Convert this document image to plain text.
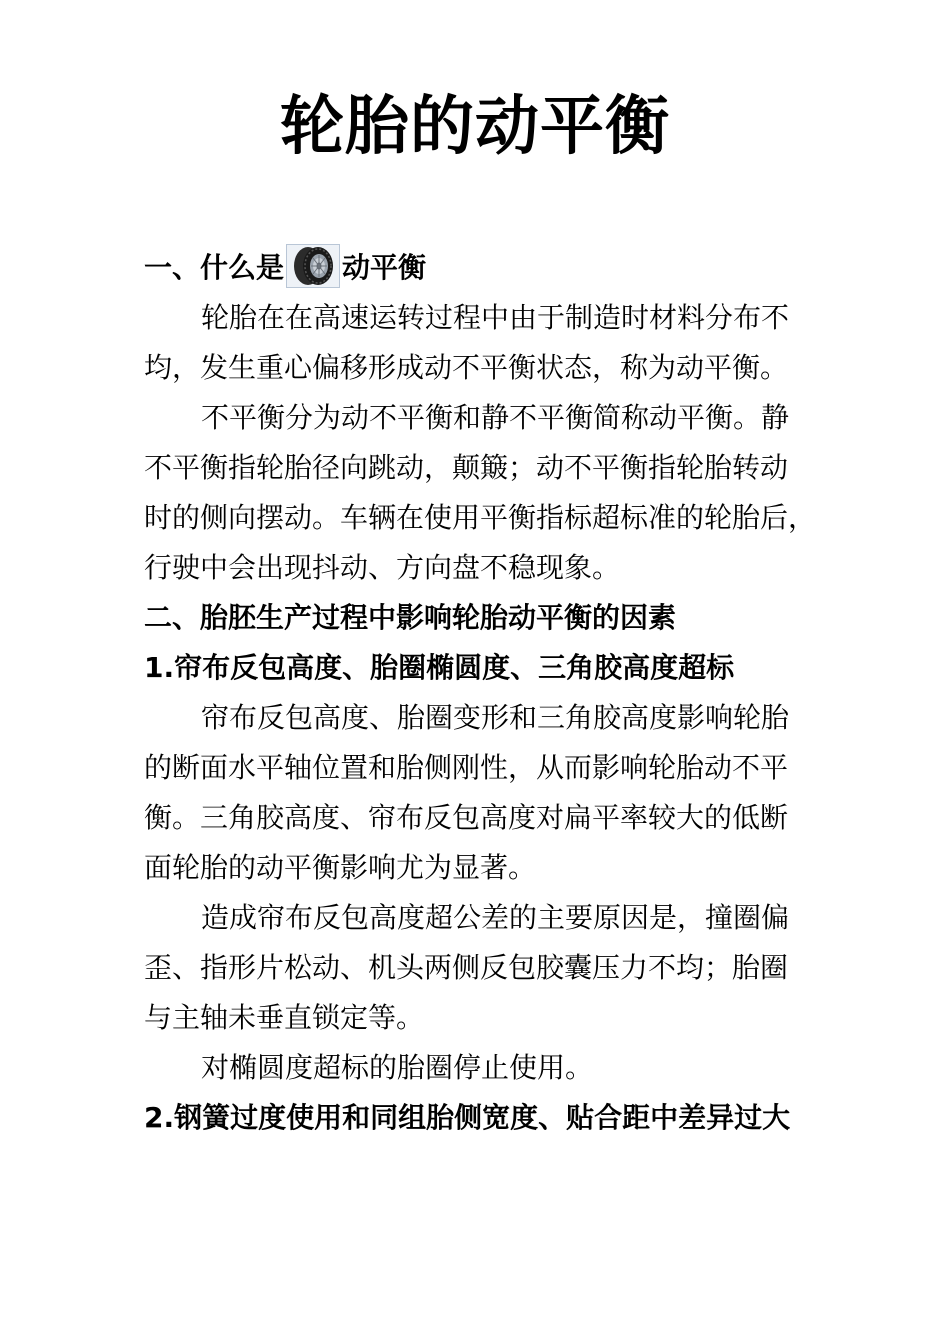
轮胎的动平衡
一、什么是 动平衡
轮胎在在高速运转过程中由于制造时材料分布不
均，发生重心偏移形成动不平衡状态，称为动平衡。
不平衡分为动不平衡和静不平衡简称动平衡。静
不平衡指轮胎径向跳动，颠簸；动不平衡指轮胎转动
时的侧向摆动。车辆在使用平衡指标超标准的轮胎后，
行驶中会出现抖动、方向盘不稳现象。
二、胎胚生产过程中影响轮胎动平衡的因素
1.帘布反包高度、胎圈椭圆度、三角胶高度超标
帘布反包高度、胎圈变形和三角胶高度影响轮胎
的断面水平轴位置和胎侧刚性，从而影响轮胎动不平
衡。三角胶高度、帘布反包高度对扁平率较大的低断
面轮胎的动平衡影响尤为显著。
造成帘布反包高度超公差的主要原因是，撞圈偏
歪、指形片松动、机头两侧反包胶囊压力不均；胎圈
与主轴未垂直锁定等。
对椭圆度超标的胎圈停止使用。
2.钢簧过度使用和同组胎侧宽度、贴合距中差异过大
